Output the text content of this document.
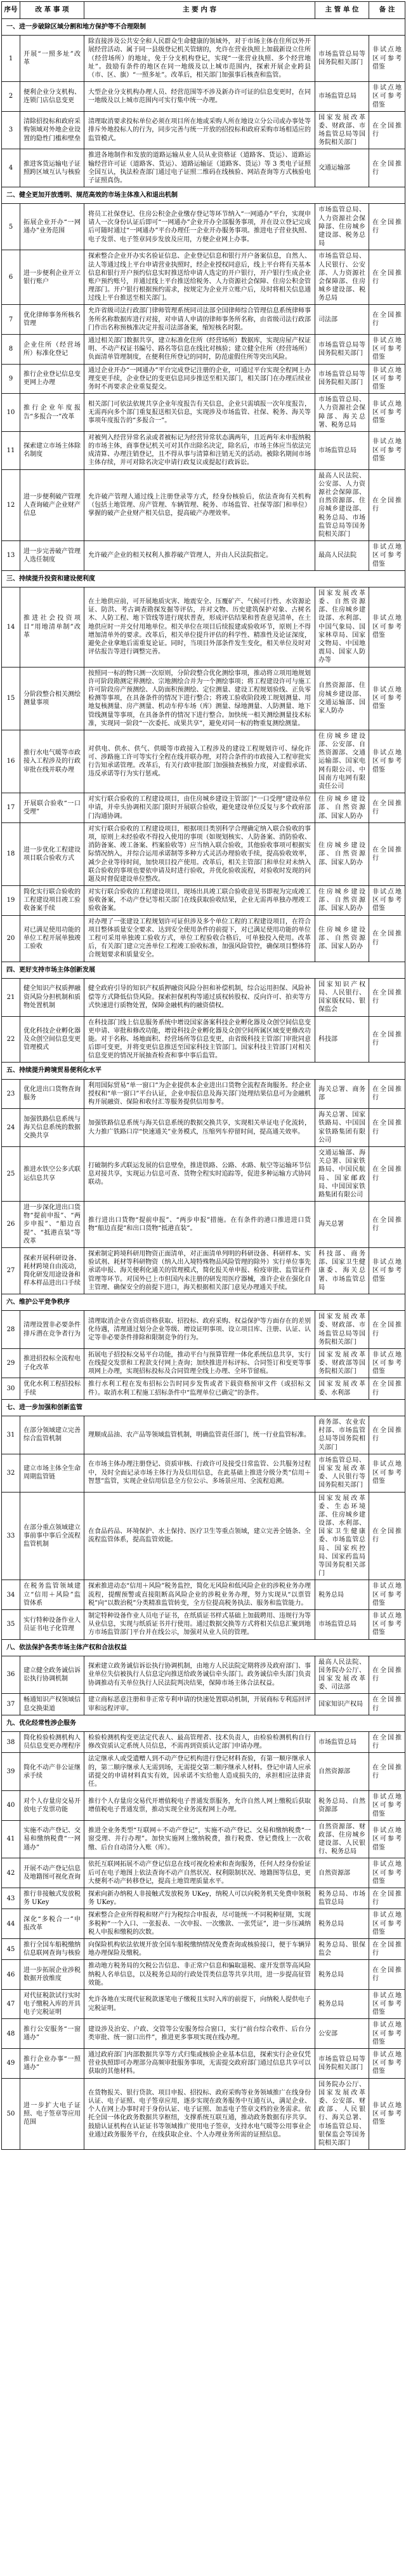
序号	改 革 事 项	主 要 内 容	主 管 单 位	备 注
一、进一步破除区域分割和地方保护等不合理限制				
1	开展“一照多址”改革	除直接涉及公共安全和人民群众生命健康的领域外，对于市场主体在住所以外开展经营活动、属于同一县级登记机关管辖的，允许在营业执照上加载新设立住所（经营场所）的地址，免于分支机构登记，实现“一张营业执照、多个经营地址”。鼓励有条件的地区在同一地级及以上城市范围内，探索开展企业跨县（市、区、旗）“一照多址”。改革后，相关部门加强事后核查和监管。	市场监管总局等国务院相关部门	非试点地区可参考借鉴
2	便利企业分支机构、连锁门店信息变更	大型企业分支机构办理人员、经营范围等不涉及新办许可证的信息变更时，在同一地级及以上城市范围内可实行集中统一办理。	市场监管总局	非试点地区可参考借鉴
3	清除招投标和政府采购领域对外地企业设置的隐性门槛和壁垒	清理取消要求投标单位必须在项目所在地或采购人所在地设立分公司或办事处等排斥外地投标人的行为，同步完善与统一开放的招投标和政府采购市场相适应的监管模式。	国家发展改革委、财政部、市场监管总局等国务院相关部门	在全国推行
4	推进客货运输电子证照跨区域互认与核验	推进各地制作和发放的道路运输从业人员从业资格证（道路客、货运）、道路运输经营许可证（道路客、货运）、道路运输证（道路客、货运）等 3 类电子证照全国互认，执法检查部门通过电子证照二维码在线核验、网站查询等方式核验电子证照真伪。	交通运输部	在全国推行
二、健全更加开放透明、规范高效的市场主体准入和退出机制				
5	拓展企业开办“一网通办”业务范围	将员工社保登记、住房公积金企业缴存登记等环节纳入“一网通办”平台，实现申请人一次身份认证后即可“一网通办”企业开办全部服务事项，并在设立登记完成后可随时通过“一网通办”平台办理任一企业开办服务事项。推进电子营业执照、电子发票、电子签章同步发放及应用，方便企业网上办事。	市场监管总局、人力资源社会保障部、住房城乡建设部、税务总局	在全国推行
6	进一步便利企业开立银行账户	探索整合企业开办实名验证信息、企业登记信息和银行开户备案信息，自然人、法人等通过线上平台申请营业执照时，经企业授权同意后，线上平台将有关基本信息和银行开户预约信息实时推送给申请人选定的开户银行，开户银行生成企业账户预约账号，并通过线上平台推送给税务、人力资源社会保障、住房公积金管理部门。开户银行根据预约需求，按规定为企业开立账户后，及时将相关信息通过线上平台推送至相关部门。	市场监管总局、人民银行、公安部、人力资源社会保障部、住房城乡建设部、税务总局	在全国推行
7	优化律师事务所核名管理	允许省级司法行政部门律师管理系统同司法部全国律师综合管理信息系统律师事务所名称数据库进行对接，对申请人申请的律师事务所名称，由省级司法行政部门作出名称预核准决定并报司法部备案，缩短核名时限。	司法部	在全国推行
8	企业住所（经营场所）标准化登记	通过相关部门数据共享，建立标准化住所（经营场所）数据库，实现房屋产权证明、不动产权证书编号、路名等信息在线比对核验；建立健全住所（经营场所）负面清单管理制度，在便利住所登记的同时，防范虚假住所等突出风险。	市场监管总局等国务院相关部门	非试点地区可参考借鉴
9	推行企业登记信息变更网上办理	通过企业开办“一网通办”平台完成登记注册的企业，可通过平台实现全程网上办理变更手续，企业登记的变更信息同步推送至相关部门，相关部门在办理后续业务时不再要求企业重复提交。	市场监管总局等国务院相关部门	非试点地区可参考借鉴
10	推行企业年度报告“多报合一”改革	相关部门可依法依规共享企业年度报告有关信息，企业只需填报一次年度报告，无需再向多个部门重复报送相关信息，实现涉及市场监管、社保、税务、海关等事项年度报告的“多报合一”。	市场监管总局、人力资源社会保障部、海关总署、税务总局	非试点地区可参考借鉴
11	探索建立市场主体除名制度	对被列入经营异常名录或者被标记为经营异常状态满两年，且近两年未申报纳税的市场主体，商事登记机关可对其作出除名决定，除名后，市场主体应当依法完成清算、办理注销登记，且不得从事与清算和注销无关的活动。被除名期间市场主体存续，并可对除名决定申请行政复议或提起行政诉讼。	市场监管总局	非试点地区可参考借鉴
12	进一步便利破产管理人查询破产企业财产信息	允许破产管理人通过线上注册登录等方式，经身份核验后，依法查询有关机构（包括土地管理、房产管理、车辆管理、税务、市场监管、社保等部门和单位）掌握的破产企业财产相关信息，提高破产办理效率。	最高人民法院、公安部、人力资源社会保障部、自然资源部、住房城乡建设部、税务总局、市场监管总局等国务院相关部门	在全国推行
13	进一步完善破产管理人选任制度	允许破产企业的相关权利人推荐破产管理人，并由人民法院指定。	最高人民法院	非试点地区可参考借鉴
三、持续提升投资和建设便利度				
14	推进社会投资项目“用地清单制”改革	在土地供应前，可开展地质灾害、地震安全、压覆矿产、气候可行性、水资源论证、防洪、考古调查勘探发掘等评估，并对文物、历史建筑保护对象、古树名木、人防工程、地下管线等进行现状普查，形成评估结果和普查意见清单，在土地供应时一并交付用地单位。相关单位在项目后续报建或验收环节，原则上不得增加清单外的要求。改革后，相关单位提升评估的科学性、精准性及论证深度，避免企业拿地后需重复论证。同时，当项目外部条件发生变化，相关单位及时对评估报告等进行调整完善。	国家发展改革委、自然资源部、住房城乡建设部、水利部、中国气象局、国家林草局、国家文物局、中国地震局、国家人防办等	非试点地区可参考借鉴
15	分阶段整合相关测绘测量事项	按照同一标的物只测一次原则，分阶段整合优化测绘事项，推动将立项用地规划许可阶段勘测定界测绘、宗地测绘合并为一个测绘事项；将工程建设许可与施工许可阶段房产预测绘、人防面积预测绘、定位测量、建设工程规划验线、正负零检测等事项，在具备条件的情况下进行整合；将竣工验收阶段竣工规划测量、用地复核测量、房产测量、机动车停车场（库）测量、绿地测量、人防测量、地下管线测量等事项，在具备条件的情况下进行整合。加快统一相关测绘测量技术标准，实现同一阶段“一次委托、成果共享”，避免对同一标的物重复测绘测量。	自然资源部、住房城乡建设部、交通运输部、国家人防办	非试点地区可参考借鉴
16	推行水电气暖等市政接入工程涉及的行政审批在线并联办理	对供电、供水、供气、供暖等市政接入工程涉及的建设工程规划许可、绿化许可、涉路施工许可等实行全程在线并联办理，对符合条件的市政接入工程审批实行告知承诺管理。改革后，有关行政审批部门加强抽查核验力度，对虚假承诺、违反承诺等行为实行惩戒。	住房城乡建设部、公安部、自然资源部、交通运输部、国家电网有限公司、中国南方电网有限责任公司	非试点地区可参考借鉴
17	开展联合验收“一口受理”	对实行联合验收的工程建设项目，由住房城乡建设主管部门“一口受理”建设单位申请，并牵头协调相关部门限时开展联合验收，避免建设单位反复与多个政府部门沟通协调。	住房城乡建设部、自然资源部、国家人防办	在全国推行
18	进一步优化工程建设项目联合验收方式	对实行联合验收的工程建设项目，根据项目类别科学合理确定纳入联合验收的事项，原则上未经验收不得投入使用的事项（如规划核实、人防备案、消防验收、消防备案、竣工备案、档案验收等）应当纳入联合验收，其他验收事项可根据实际情况纳入，并综合运用承诺制等多种方式灵活办理验收手续，提高验收效率，减少企业等待时间，加快项目投产使用。改革后，相关主管部门和单位对未纳入联合验收的事项也要依申请及时进行验收，并优化验收流程，对验收时发现的问题及时督促建设单位整改。	住房城乡建设部、自然资源部、国家人防办	在全国推行
19	简化实行联合验收的工程建设项目竣工验收备案手续	对实行联合验收的工程建设项目，现场出具竣工联合验收意见书即视为完成竣工验收备案，不动产登记等相关部门在线获取验收结果，企业无需再单独办理竣工验收备案。	住房城乡建设部、自然资源部、国家人防办	非试点地区可参考借鉴
20	对已满足使用功能的单位工程开展单独竣工验收	对办理了一张建设工程规划许可证但涉及多个单位工程的工程建设项目，在符合项目整体质量安全要求、达到安全使用条件的前提下，对已满足使用功能的单位工程可采用单独竣工验收方式，单位工程验收合格后，可单独投入使用。改革后，有关部门建立完善单位工程竣工验收标准，加强风险管控，确保项目整体符合规划要求和质量安全。	住房城乡建设部、自然资源部、国家人防办	在全国推行
四、更好支持市场主体创新发展				
21	健全知识产权质押融资风险分担机制和质物处置机制	健全政府引导的知识产权质押融资风险分担和补偿机制，综合运用担保、风险补偿等方式降低信贷风险。探索担保机构等通过质权转股权、反向许可、拍卖等方式快速进行质物处置，保障金融机构的融资债权。	国家知识产权局、人民银行、国家版权局、银保监会	在全国推行
22	优化科技企业孵化器及众创空间信息变更管理模式	在科技部门线上信息服务系统中增设国家备案科技企业孵化器及众创空间信息变更申请、审批和修改功能，增设科技企业孵化器及众创空间所属区域变更修改功能。对于名称、场地面积、经营场所等信息变更，由省级科技主管部门审批同意后即可变更，并将变更信息推送至国家科技主管部门。国家科技主管部门对相关信息变更的情况开展抽查检查和事中事后监管。	科技部	在全国推行
五、持续提升跨境贸易便利化水平				
23	优化进出口货物查询服务	利用国际贸易“单一窗口”为企业提供本企业进出口货物全流程查询服务。经企业授权和“单一窗口”平台认证，企业申报信息及海关部门处理结果信息可为金融机构开展融资、保险和收付汇等服务提供信用参考。	海关总署、商务部	在全国推行
24	加强铁路信息系统与海关信息系统的数据交换共享	加强铁路信息系统与海关信息系统的数据交换共享，实现相关单证电子化流转，大力推广铁路口岸“快速通关”业务模式，压缩列车停留时间，提高通关效率。	海关总署、国家铁路局、中国国家铁路集团有限公司	在全国推行
25	推进水铁空公多式联运信息共享	打破制约多式联运发展的信息壁垒，推进铁路、公路、水路、航空等运输环节信息对接共享，实现运力信息可查、货物全程实时追踪等，促进多种运输方式协同联动。	交通运输部、海关总署、国家铁路局、中国民航局、国家邮政局、中国国家铁路集团有限公司	在全国推行
26	进一步深化进出口货物“提前申报”、“两步申报”、“船边直提”、“抵港直装”等改革	推行进出口货物“提前申报”、“两步申报”措施。在有条件的港口推进进口货物“船边直提”和出口货物“抵港直装”。	海关总署	在全国推行
27	探索开展科研设备、耗材跨境自由流动，简化研发用途设备和样本样品进出口手续	探索制定跨境科研用物资正面清单，对正面清单列明的科研设备、科研样本、实验试剂、耗材等科研物资（纳入出入境特殊物品风险管理的除外）实行单位事先承诺申报、海关便利化通关的管理模式，简化报关单申报、检疫审批、监管证件管理等环节。对国外已上市但国内未注册的研发用医疗器械，准许企业在强化自主管理、确保安全的前提下进口，海关根据相关部门意见办理通关手续。	科技部、商务部、国家卫生健康委、海关总署、市场监管总局	非试点地区可参考借鉴
六、维护公平竞争秩序				
28	清理设置非必要条件排斥潜在竞争者行为	清理取消企业在资质资格获取、招投标、政府采购、权益保护等方面存在的差别化待遇，清理通过划分企业等级、增设证明事项、设立项目库、注册、认证、认定等非必要条件排除和限制竞争的行为。	国家发展改革委、财政部、市场监管总局等国务院相关部门	在全国推行
29	推进招投标全流程电子化改革	拓展电子招投标交易平台功能，推动平台与预算管理一体化系统信息共享，实行在线提交发票和工程款支付网上查询；加快推进开标评标、合同签订和变更等事项网上办理，实现招标投标及合同管理全线上办理、全环节留痕。	国家发展改革委、财政部等国务院相关部门	非试点地区可参考借鉴
30	优化水利工程招投标手续	推行水利工程在发布招标公告时同步发售或者下载资格预审文件（或招标文件）。取消水利工程施工招标条件中“监理单位已确定”的条件。	国家发展改革委、水利部	在全国推行
七、进一步加强和创新监管				
31	在部分领域建立完善综合监管机制	理顺成品油、农产品等领域监管机制，明确监管责任部门，统一行业监管标准。	商务部、农业农村部、市场监管总局等国务院相关部门	在全国推行
32	建立市场主体全生命周期监管链	在市场主体办理注册登记、资质审核、行政许可及接受日常监管、公共服务过程中，及时全面记录市场主体行为及信用信息，在此基础上推进分级分类“信用＋智慧”监管，实现企业信用信息全方位公示、多场景应用、全流程追溯。	市场监管总局、国家发展改革委、人民银行等国务院相关部门	非试点地区可参考借鉴
33	在部分重点领域建立事前事中事后全流程监管机制	在食品药品、环境保护、水土保持、医疗卫生等重点领域，建立完善全链条、全流程监管体系，提高监管效能。	国家发展改革委、生态环境部、住房城乡建设部、水利部、国家卫生健康委、市场监管总局、国家疾控局、国家药监局等国务院相关部门	在全国推行
34	在税务监管领域建立“信用＋风险”监管体系	探索推进动态“信用＋风险”税务监控，简化无风险和低风险企业的涉税业务办理流程，提醒预警或直接阻断高风险企业的涉税业务办理，努力实现从“以票管税”向“以数治税”分类精准监管转变，全方位提高税务执法、服务和监管能力。	税务总局	非试点地区可参考借鉴
35	实行特种设备作业人员证书电子化管理	制定特种设备作业人员电子证书，在纸质证书样式基础上加载聘用、违规行为等从业信息，实现与纸质证书并行使用。通过数据交换等方式将相关信息汇聚到地方市场监管部门平台并在线公示，加强对从业人员的管理。	市场监管总局	非试点地区可参考借鉴
八、依法保护各类市场主体产权和合法权益				
36	建立健全政务诚信诉讼执行协调机制	探索建立政务诚信诉讼执行协调机制，由地方人民法院定期将涉及政府部门、事业单位失信被执行人信息定向推送给政务诚信牵头部门。政务诚信牵头部门负责协调推动有关单位执行人民法院判决结果，保障市场主体合法权益。	最高人民法院、国务院办公厅、国家发展改革委、司法部	在全国推行
37	畅通知识产权领域信息交换渠道	建立商标恶意注册和非正常专利申请的快速处置联动机制，开展商标专利巡回评审和远程评审。	国家知识产权局	在全国推行
九、优化经常性涉企服务				
38	简化检验检测机构人员信息变更办理程序	检验检测机构变更法定代表人、最高管理者、技术负责人，由检验检测机构自行修改资质认定系统人员信息，不需再到资质认定部门申请办理。	市场监管总局	在全国推行
39	简化不动产非公证继承手续	法定继承人或受遗赠人到不动产登记机构进行登记材料查验，有第一顺序继承人的，第二顺序继承人无需到场，无需提交第二顺序继承人材料。登记申请人应承诺提交的申请材料真实有效，因承诺不实给他人造成损失的，承担相应法律责任。	自然资源部	在全国推行
40	对个人存量房交易开放电子发票功能	推行个人存量房交易代开增值税电子普通发票服务，允许自然人网上缴税后获取增值税电子普通发票，推动实现全业务流程网上办理。	税务总局、自然资源部	非试点地区可参考借鉴
41	实施不动产登记、交易和缴纳税费“一网通办”	推进全业务类型“互联网＋不动产登记”，实施不动产登记、交易和缴纳税费“一窗受理、并行办理”。加快实施网上缴纳税费，推行税费、登记费线上一次收缴、后台自动清分入账（库）。	自然资源部、财政部、住房城乡建设部、人民银行、税务总局	非试点地区可参考借鉴
42	开展不动产登记信息及地籍图可视化查询	依托互联网拓展不动产登记信息在线可视化检索和查询服务，任何人经身份验证后可在电子地图上依法查询不动产自然状况、权利限制状况、地籍图等信息，更大便利不动产转移登记，提高土地管理质量水平。	自然资源部	非试点地区可参考借鉴
43	推行非接触式发放税务 UKey	探索向新办纳税人非接触式发放税务 UKey，纳税人可以向税务机关免费申领税务 UKey。	税务总局、市场监管总局	在全国推行
44	深化“多税合一”申报改革	探索整合企业所得税和财产行为税综合申报表，尽可能统一不同税种征期，实现多税种“一个入口、一张报表、一次申报、一次缴款、一张凭证”，进一步压减纳税人申报和缴税的次数。	税务总局	非试点地区可参考借鉴
45	推行全国车船税缴纳信息联网查询与核验	向保险机构依法依规开放全国车船税缴纳情况免费查询或核验接口，便于车辆异地办理保险及缴税。	税务总局、银保监会	在全国推行
46	进一步拓展企业涉税数据开放维度	推动地方税务局的欠税公告信息、非正常户信息和骗取退税、虚开发票等高风险纳税人名单信息，以及税务总局的行政处罚类信息等共享共用，进一步提高征管效能。	税务总局	在全国推行
47	对代征税款试行实时电子缴税入库的开具电子完税证明	允许各地在实现代征税款逐笔电子缴税且实时入库的前提下，向纳税人提供电子完税证明。	税务总局	非试点地区可参考借鉴
48	推行公安服务“一窗通办”	建设涉及治安、户政、交管等公安服务综合窗口，实行“前台综合收件、后台分类审批、统一窗口出件”，推进更多事项实现在线办理。	公安部	非试点地区可参考借鉴
49	推行企业办事“一照通办”	通过政府部门内部数据共享等方式归集或核验企业基本信息，探索实行企业仅凭营业执照即可办理部分高频审批服务事项，无需提交政府部门通过信息共享可以获取的其他材料。	市场监管总局等国务院相关部门	非试点地区可参考借鉴
50	进一步扩大电子证照、电子签章等应用范围	在货物报关、银行贷款、项目申报、招投标、政府采购等业务领域推广在线身份认证、电子证照、电子签章应用，逐步实现在政务服务中互通互认，满足企业、个人在网上办事时对于身份认证、电子证照、加盖电子签章文档的业务需求。依托全国一体化政务数据共享枢纽，支撑系统互联互通，推动政务数据有序共享。鼓励认证机构在认证证书等领域推广使用电子签章，支持水电气暖等公用事业企业通过政务服务平台，在线获取企业、个人办理业务所需的证照信息。	国务院办公厅、国家发展改革委、公安部、财政部、人民银行、海关总署、市场监管总局、银保监会等国务院相关部门	非试点地区可参考借鉴
